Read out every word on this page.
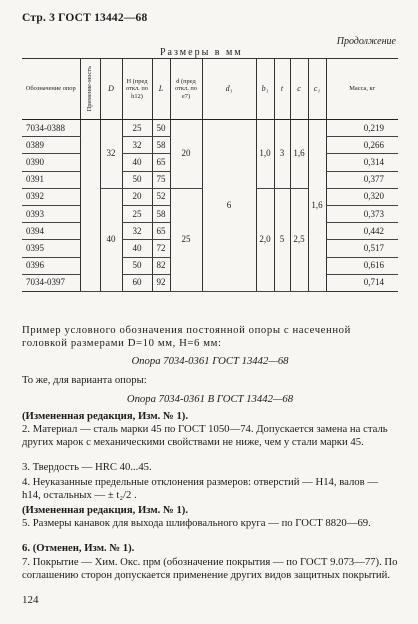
Стр. 3 ГОСТ 13442—68
Продолжение
Размеры в мм
Обозначение опор	Применяе-мость	D	H (пред откл. по h12)	L	d (пред откл. по е7)	d₁	b₁	t	c	c₁	Масса, кг
7034-0388		32	25	50	20	6	1,0	3	1,6	1,6	0,219
0389			32	58							0,266
0390			40	65							0,314
0391			50	75							0,377
0392		40	20	52	25		2,0	5	2,5		0,320
0393			25	58							0,373
0394			32	65							0,442
0395			40	72							0,517
0396			50	82							0,616
7034-0397			60	92							0,714
Пример условного обозначения постоянной опоры с насеченной головкой размерами D=10 мм, H=6 мм:
Опора 7034-0361 ГОСТ 13442—68
То же, для варианта опоры:
Опора 7034-0361 В ГОСТ 13442—68
(Измененная редакция, Изм. № 1).
2. Материал — сталь марки 45 по ГОСТ 1050—74. Допускается замена на сталь других марок с механическими свойствами не ниже, чем у стали марки 45.
3. Твердость — HRC 40...45.
4. Неуказанные предельные отклонения размеров: отверстий — H14, валов — h14, остальных — ± t₂/2 .
(Измененная редакция, Изм. № 1).
5. Размеры канавок для выхода шлифовального круга — по ГОСТ 8820—69.
6. (Отменен, Изм. № 1).
7. Покрытие — Хим. Окс. прм (обозначение покрытия — по ГОСТ 9.073—77). По соглашению сторон допускается применение других видов защитных покрытий.
124
